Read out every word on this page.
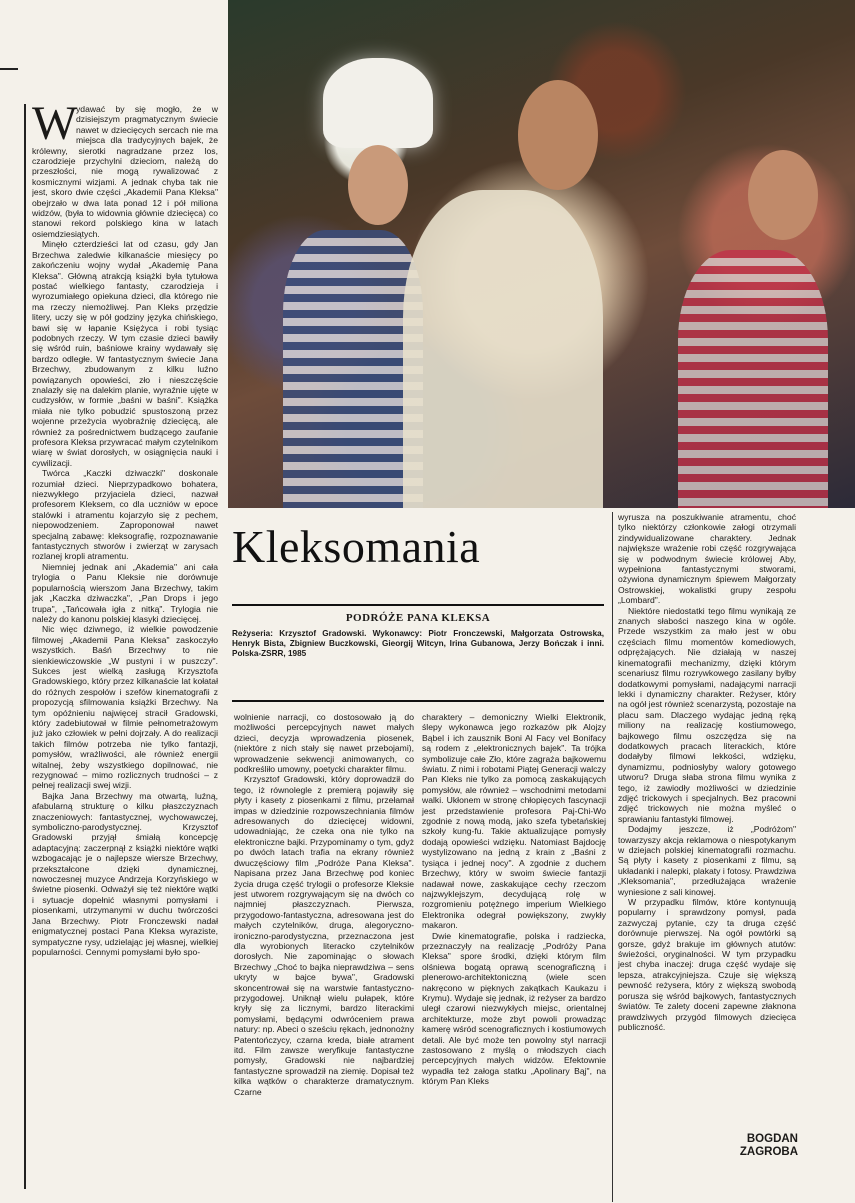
W

ydawać by się mogło, że w dzisiejszym pragmatycznym świecie nawet w dziecięcych sercach nie ma miejsca dla tradycyjnych bajek, że królewny, sierotki nagradzane przez los, czarodzieje przychylni dzieciom, należą do przeszłości, nie mogą rywalizować z kosmicznymi wizjami. A jednak chyba tak nie jest, skoro dwie części „Akademii Pana Kleksa" obejrzało w dwa lata ponad 12 i pół miliona widzów, (była to widownia głównie dziecięca) co stanowi rekord polskiego kina w latach osiemdziesiątych.

Minęło czterdzieści lat od czasu, gdy Jan Brzechwa zaledwie kilkanaście miesięcy po zakończeniu wojny wydał „Akademię Pana Kleksa". Główną atrakcją książki była tytułowa postać wielkiego fantasty, czarodzieja i wyrozumiałego opiekuna dzieci, dla którego nie ma rzeczy niemożliwej. Pan Kleks przędzie litery, uczy się w pół godziny języka chińskiego, bawi się w łapanie Księżyca i robi tysiąc podobnych rzeczy. W tym czasie dzieci bawiły się wśród ruin, baśniowe krainy wydawały się bardzo odległe. W fantastycznym świecie Jana Brzechwy, zbudowanym z kilku luźno powiązanych opowieści, zło i nieszczęście znalazły się na dalekim planie, wyraźnie ujęte w cudzysłów, w formie „baśni w baśni". Książka miała nie tylko pobudzić spustoszoną przez wojenne przeżycia wyobraźnię dziecięcą, ale również za pośrednictwem budzącego zaufanie profesora Kleksa przywracać małym czytelnikom wiarę w świat dorosłych, w osiągnięcia nauki i cywilizacji.

Twórca „Kaczki dziwaczki" doskonale rozumiał dzieci. Nieprzypadkowo bohatera, niezwykłego przyjaciela dzieci, nazwał profesorem Kleksem, co dla uczniów w epoce stalówki i atramentu kojarzyło się z pechem, niepowodzeniem. Zaproponował nawet specjalną zabawę: kleksografię, rozpoznawanie fantastycznych stworów i zwierząt w zarysach rozlanej kropli atramentu.

Niemniej jednak ani „Akademia" ani cała trylogia o Panu Kleksie nie dorównuje popularnością wierszom Jana Brzechwy, takim jak „Kaczka dziwaczka", „Pan Drops i jego trupa", „Tańcowała igła z nitką". Trylogia nie należy do kanonu polskiej klasyki dziecięcej.

Nic więc dziwnego, iż wielkie powodzenie filmowej „Akademii Pana Kleksa" zaskoczyło wszystkich. Baśń Brzechwy to nie sienkiewiczowskie „W pustyni i w puszczy". Sukces jest wielką zasługą Krzysztofa Gradowskiego, który przez kilkanaście lat kołatał do różnych zespołów i szefów kinematografii z propozycją sfilmowania książki Brzechwy. Na tym opóźnieniu najwięcej stracił Gradowski, który zadebiutował w filmie pełnometrażowym już jako człowiek w pełni dojrzały. A do realizacji takich filmów potrzeba nie tylko fantazji, pomysłów, wrażliwości, ale również energii witalnej, żeby wszystkiego dopilnować, nie rezygnować – mimo rozlicznych trudności – z pełnej realizacji swej wizji.

Bajka Jana Brzechwy ma otwartą, luźną, afabularną strukturę o kilku płaszczyznach znaczeniowych: fantastycznej, wychowawczej, symboliczno-parodystycznej. Krzysztof Gradowski przyjął śmiałą koncepcję adaptacyjną: zaczerpnął z książki niektóre wątki wzbogacając je o najlepsze wiersze Brzechwy, przekształcone dzięki dynamicznej, nowoczesnej muzyce Andrzeja Korzyńskiego w świetne piosenki. Odważył się też niektóre wątki i sytuacje dopełnić własnymi pomysłami i piosenkami, utrzymanymi w duchu twórczości Jana Brzechwy. Piotr Fronczewski nadał enigmatycznej postaci Pana Kleksa wyraziste, sympatyczne rysy, udzielając jej własnej, wielkiej popularności. Cennymi pomysłami było spo-

Kleksomania
PODRÓŻE PANA KLEKSA
Reżyseria: Krzysztof Gradowski. Wykonawcy: Piotr Fronczewski, Małgorzata Ostrowska, Henryk Bista, Zbigniew Buczkowski, Gieorgij Witcyn, Irina Gubanowa, Jerzy Bończak i inni. Polska-ZSRR, 1985

wolnienie narracji, co dostosowało ją do możliwości percepcyjnych nawet małych dzieci, decyzja wprowadzenia piosenek, (niektóre z nich stały się nawet przebojami), wprowadzenie sekwencji animowanych, co podkreśliło umowny, poetycki charakter filmu.

Krzysztof Gradowski, który doprowadził do tego, iż równolegle z premierą pojawiły się płyty i kasety z piosenkami z filmu, przełamał impas w dziedzinie rozpowszechniania filmów adresowanych do dziecięcej widowni, udowadniając, że czeka ona nie tylko na elektroniczne bajki. Przypominamy o tym, gdyż po dwóch latach trafia na ekrany również dwuczęściowy film „Podróże Pana Kleksa". Napisana przez Jana Brzechwę pod koniec życia druga część trylogii o profesorze Kleksie jest utworem rozgrywającym się na dwóch co najmniej płaszczyznach. Pierwsza, przygodowo-fantastyczna, adresowana jest do małych czytelników, druga, alegoryczno-ironiczno-parodystyczna, przeznaczona jest dla wyrobionych literacko czytelników dorosłych. Nie zapominając o słowach Brzechwy „Choć to bajka nieprawdziwa – sens ukryty w bajce bywa", Gradowski skoncentrował się na warstwie fantastyczno-przygodowej. Uniknął wielu pułapek, które kryły się za licznymi, bardzo literackimi pomysłami, będącymi odwróceniem prawa natury: np. Abeci o sześciu rękach, jednonożny Patentończycy, czarna kreda, białe atrament itd. Film zawsze weryfikuje fantastyczne pomysły, Gradowski nie najbardziej fantastyczne sprowadził na ziemię. Dopisał też kilka wątków o charakterze dramatycznym. Czarne

charaktery – demoniczny Wielki Elektronik, ślepy wykonawca jego rozkazów płk Alojzy Bąbel i ich zausznik Boni Al Facy vel Bonifacy są rodem z „elektronicznych bajek". Ta trójka symbolizuje całe Zło, które zagraża bajkowemu światu. Z nimi i robotami Piątej Generacji walczy Pan Kleks nie tylko za pomocą zaskakujących pomysłów, ale również – wschodnimi metodami walki. Ukłonem w stronę chłopięcych fascynacji jest przedstawienie profesora Paj-Chi-Wo zgodnie z nową modą, jako szefa tybetańskiej szkoły kung-fu. Takie aktualizujące pomysły dodają opowieści wdzięku. Natomiast Bajdocję wystylizowano na jedną z krain z „Baśni z tysiąca i jednej nocy". A zgodnie z duchem Brzechwy, który w swoim świecie fantazji nadawał nowe, zaskakujące cechy rzeczom najzwyklejszym, decydującą rolę w rozgromieniu potężnego imperium Wielkiego Elektronika odegrał powiększony, zwykły makaron.

Dwie kinematografie, polska i radziecka, przeznaczyły na realizację „Podróży Pana Kleksa" spore środki, dzięki którym film olśniewa bogatą oprawą scenograficzną i plenerowo-architektoniczną (wiele scen nakręcono w pięknych zakątkach Kaukazu i Krymu). Wydaje się jednak, iż reżyser za bardzo uległ czarowi niezwykłych miejsc, orientalnej architekturze, może zbyt powoli prowadząc kamerę wśród scenograficznych i kostiumowych detali. Ale być może ten powolny styl narracji zastosowano z myślą o młodszych ciach percepcyjnych małych widzów. Efektownie wypadła też załoga statku „Apolinary Bąj", na którym Pan Kleks

wyrusza na poszukiwanie atramentu, choć tylko niektórzy członkowie załogi otrzymali zindywidualizowane charaktery. Jednak największe wrażenie robi część rozgrywająca się w podwodnym świecie królowej Aby, wypełniona fantastycznymi stworami, ożywiona dynamicznym śpiewem Małgorzaty Ostrowskiej, wokalistki grupy zespołu „Lombard".

Niektóre niedostatki tego filmu wynikają ze znanych słabości naszego kina w ogóle. Przede wszystkim za mało jest w obu częściach filmu momentów komediowych, odprężających. Nie działają w naszej kinematografii mechanizmy, dzięki którym scenariusz filmu rozrywkowego zasilany byłby dodatkowymi pomysłami, nadającymi narracji lekki i dynamiczny charakter. Reżyser, który na ogół jest również scenarzystą, pozostaje na placu sam. Dlaczego wydając jedną ręką miliony na realizację kostiumowego, bajkowego filmu oszczędza się na dodatkowych pracach literackich, które dodałyby filmowi lekkości, wdzięku, dynamizmu, podniosłyby walory gotowego utworu? Druga słaba strona filmu wynika z tego, iż zawiodły możliwości w dziedzinie zdjęć trickowych i specjalnych. Bez pracowni zdjęć trickowych nie można myśleć o sprawianiu fantastyki filmowej.

Dodajmy jeszcze, iż „Podróżom" towarzyszy akcja reklamowa o niespotykanym w dziejach polskiej kinematografii rozmachu. Są płyty i kasety z piosenkami z filmu, są układanki i nalepki, plakaty i fotosy. Prawdziwa „Kleksomania", przedłużająca wrażenie wyniesione z sali kinowej.

W przypadku filmów, które kontynuują popularny i sprawdzony pomysł, pada zazwyczaj pytanie, czy ta druga część dorównuje pierwszej. Na ogół powtórki są gorsze, gdyż brakuje im głównych atutów: świeżości, oryginalności. W tym przypadku jest chyba inaczej: druga część wydaje się lepsza, atrakcyjniejsza. Czuje się większą pewność reżysera, który z większą swobodą porusza się wśród bajkowych, fantastycznych światów. Te zalety doceni zapewne złaknona prawdziwych przygód filmowych dziecięca publiczność.

BOGDAN
ZAGROBA
